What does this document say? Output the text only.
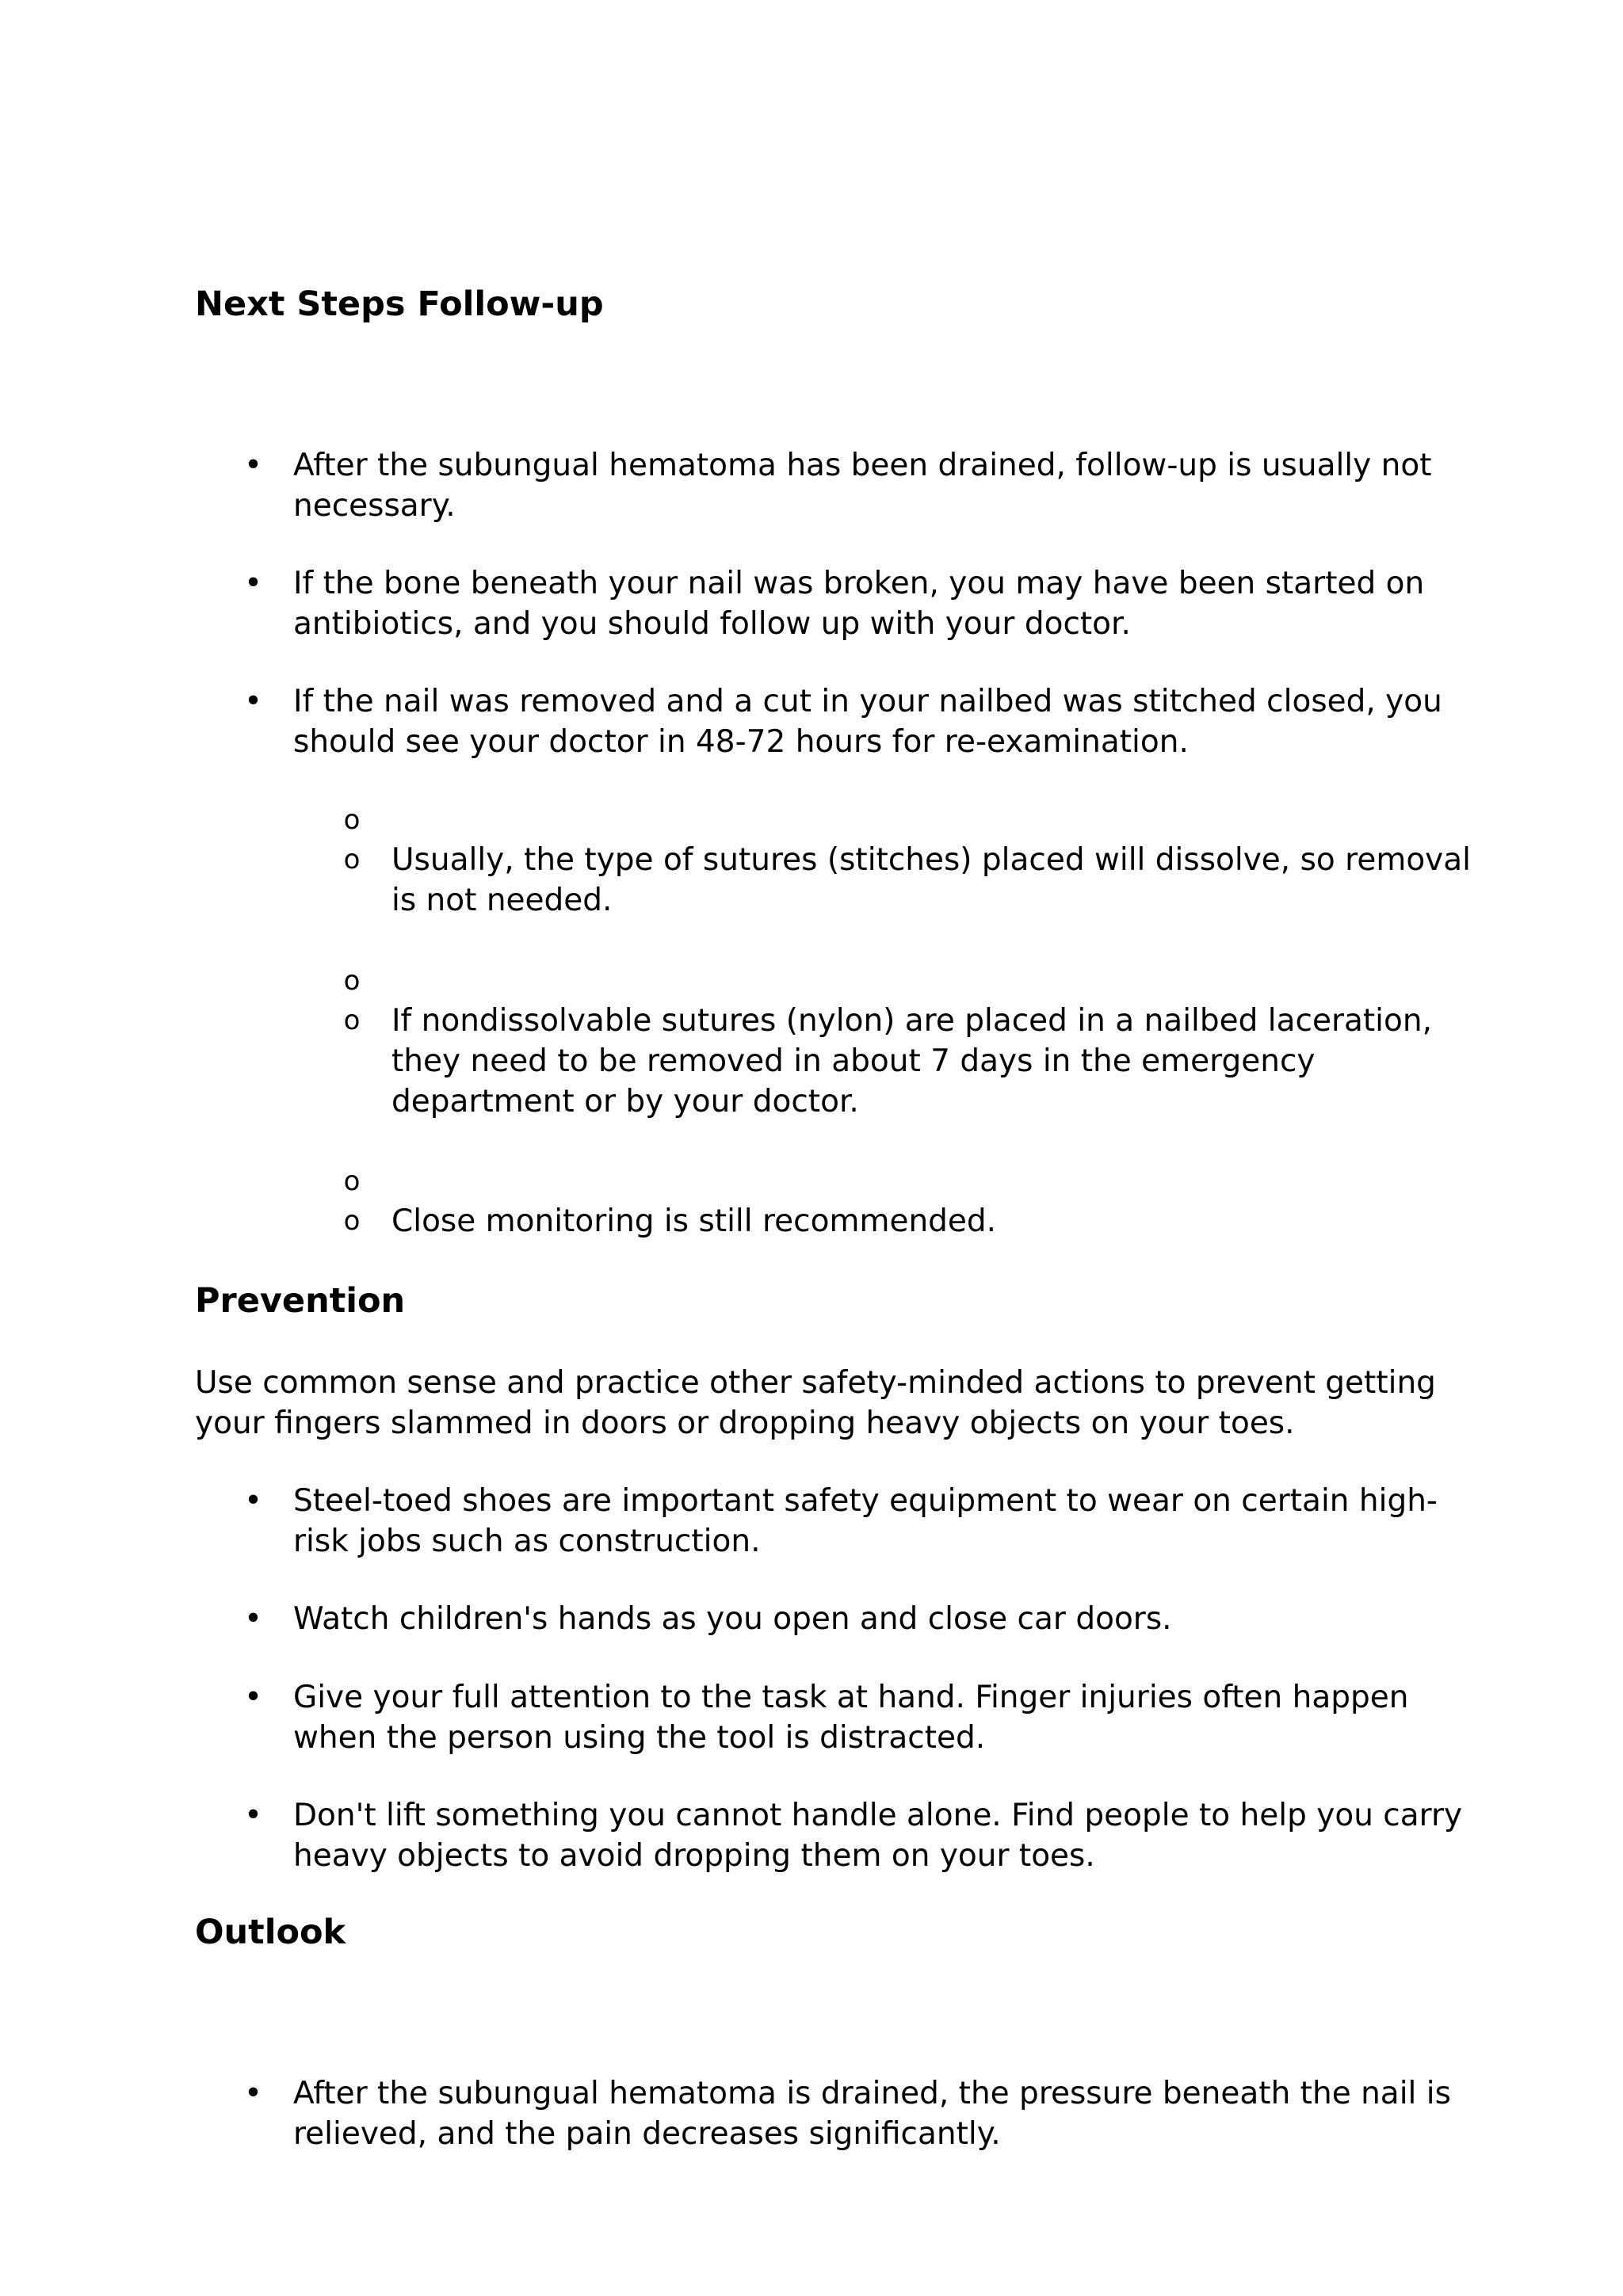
Next Steps Follow-up
• After the subungual hematoma has been drained, follow-up is usually not necessary.

• If the bone beneath your nail was broken, you may have been started on antibiotics, and you should follow up with your doctor.

• If the nail was removed and a cut in your nailbed was stitched closed, you should see your doctor in 48-72 hours for re-examination.

o

o Usually, the type of sutures (stitches) placed will dissolve, so removal is not needed.

o

o If nondissolvable sutures (nylon) are placed in a nailbed laceration, they need to be removed in about 7 days in the emergency department or by your doctor.

o

o Close monitoring is still recommended.

Prevention

Use common sense and practice other safety-minded actions to prevent getting your fingers slammed in doors or dropping heavy objects on your toes.

• Steel-toed shoes are important safety equipment to wear on certain high-risk jobs such as construction.

• Watch children's hands as you open and close car doors.

• Give your full attention to the task at hand. Finger injuries often happen when the person using the tool is distracted.

• Don't lift something you cannot handle alone. Find people to help you carry heavy objects to avoid dropping them on your toes.

Outlook
• After the subungual hematoma is drained, the pressure beneath the nail is relieved, and the pain decreases significantly.
